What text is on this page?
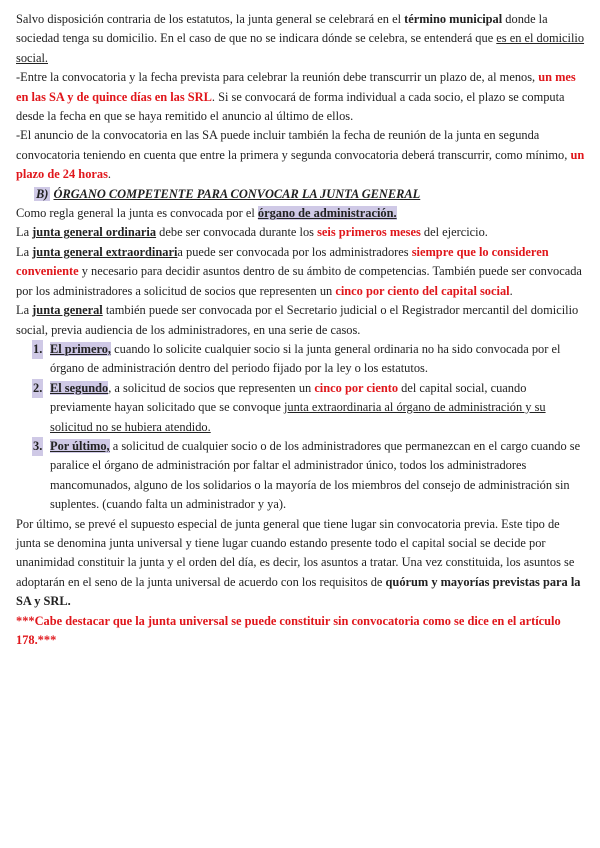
Salvo disposición contraria de los estatutos, la junta general se celebrará en el término municipal donde la sociedad tenga su domicilio. En el caso de que no se indicara dónde se celebra, se entenderá que es en el domicilio social.

-Entre la convocatoria y la fecha prevista para celebrar la reunión debe transcurrir un plazo de, al menos, un mes en las SA y de quince días en las SRL. Si se convocará de forma individual a cada socio, el plazo se computa desde la fecha en que se haya remitido el anuncio al último de ellos.

-El anuncio de la convocatoria en las SA puede incluir también la fecha de reunión de la junta en segunda convocatoria teniendo en cuenta que entre la primera y segunda convocatoria deberá transcurrir, como mínimo, un plazo de 24 horas.

B) ÓRGANO COMPETENTE PARA CONVOCAR LA JUNTA GENERAL

Como regla general la junta es convocada por el órgano de administración.

La junta general ordinaria debe ser convocada durante los seis primeros meses del ejercicio.

La junta general extraordinaria puede ser convocada por los administradores siempre que lo consideren conveniente y necesario para decidir asuntos dentro de su ámbito de competencias. También puede ser convocada por los administradores a solicitud de socios que representen un cinco por ciento del capital social.

La junta general también puede ser convocada por el Secretario judicial o el Registrador mercantil del domicilio social, previa audiencia de los administradores, en una serie de casos.

1. El primero, cuando lo solicite cualquier socio si la junta general ordinaria no ha sido convocada por el órgano de administración dentro del periodo fijado por la ley o los estatutos.
2. El segundo, a solicitud de socios que representen un cinco por ciento del capital social, cuando previamente hayan solicitado que se convoque junta extraordinaria al órgano de administración y su solicitud no se hubiera atendido.
3. Por último, a solicitud de cualquier socio o de los administradores que permanezcan en el cargo cuando se paralice el órgano de administración por faltar el administrador único, todos los administradores mancomunados, alguno de los solidarios o la mayoría de los miembros del consejo de administración sin suplentes. (cuando falta un administrador y ya).

Por último, se prevé el supuesto especial de junta general que tiene lugar sin convocatoria previa. Este tipo de junta se denomina junta universal y tiene lugar cuando estando presente todo el capital social se decide por unanimidad constituir la junta y el orden del día, es decir, los asuntos a tratar. Una vez constituida, los asuntos se adoptarán en el seno de la junta universal de acuerdo con los requisitos de quórum y mayorías previstas para la SA y SRL.

***Cabe destacar que la junta universal se puede constituir sin convocatoria como se dice en el artículo 178.***
